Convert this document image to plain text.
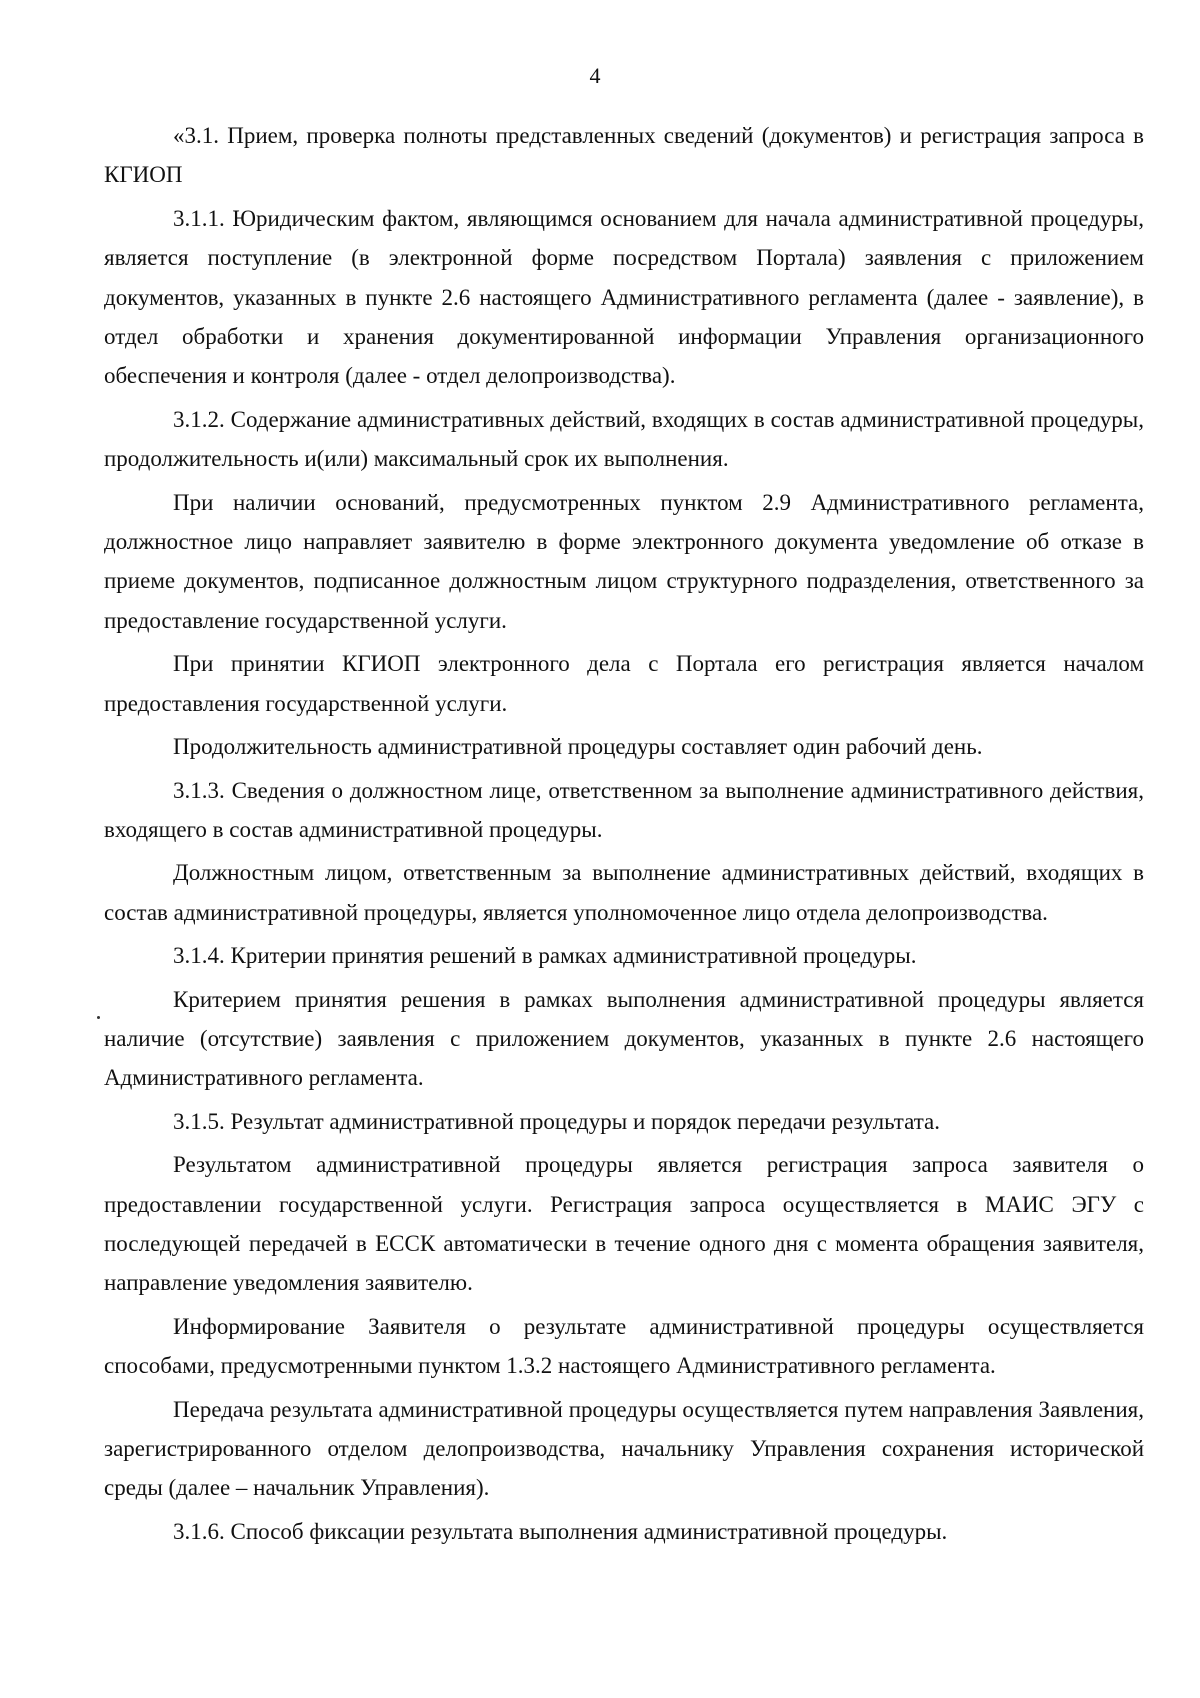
4

«3.1. Прием, проверка полноты представленных сведений (документов) и регистрация запроса в КГИОП

3.1.1. Юридическим фактом, являющимся основанием для начала административной процедуры, является поступление (в электронной форме посредством Портала) заявления с приложением документов, указанных в пункте 2.6 настоящего Административного регламента (далее - заявление), в отдел обработки и хранения документированной информации Управления организационного обеспечения и контроля (далее - отдел делопроизводства).

3.1.2. Содержание административных действий, входящих в состав административной процедуры, продолжительность и(или) максимальный срок их выполнения.

При наличии оснований, предусмотренных пунктом 2.9 Административного регламента, должностное лицо направляет заявителю в форме электронного документа уведомление об отказе в приеме документов, подписанное должностным лицом структурного подразделения, ответственного за предоставление государственной услуги.

При принятии КГИОП электронного дела с Портала его регистрация является началом предоставления государственной услуги.

Продолжительность административной процедуры составляет один рабочий день.

3.1.3. Сведения о должностном лице, ответственном за выполнение административного действия, входящего в состав административной процедуры.

Должностным лицом, ответственным за выполнение административных действий, входящих в состав административной процедуры, является уполномоченное лицо отдела делопроизводства.

3.1.4. Критерии принятия решений в рамках административной процедуры.

Критерием принятия решения в рамках выполнения административной процедуры является наличие (отсутствие) заявления с приложением документов, указанных в пункте 2.6 настоящего Административного регламента.

3.1.5. Результат административной процедуры и порядок передачи результата.

Результатом административной процедуры является регистрация запроса заявителя о предоставлении государственной услуги. Регистрация запроса осуществляется в МАИС ЭГУ с последующей передачей в ЕССК автоматически в течение одного дня с момента обращения заявителя, направление уведомления заявителю.

Информирование Заявителя о результате административной процедуры осуществляется способами, предусмотренными пунктом 1.3.2 настоящего Административного регламента.

Передача результата административной процедуры осуществляется путем направления Заявления, зарегистрированного отделом делопроизводства, начальнику Управления сохранения исторической среды (далее – начальник Управления).

3.1.6. Способ фиксации результата выполнения административной процедуры.
